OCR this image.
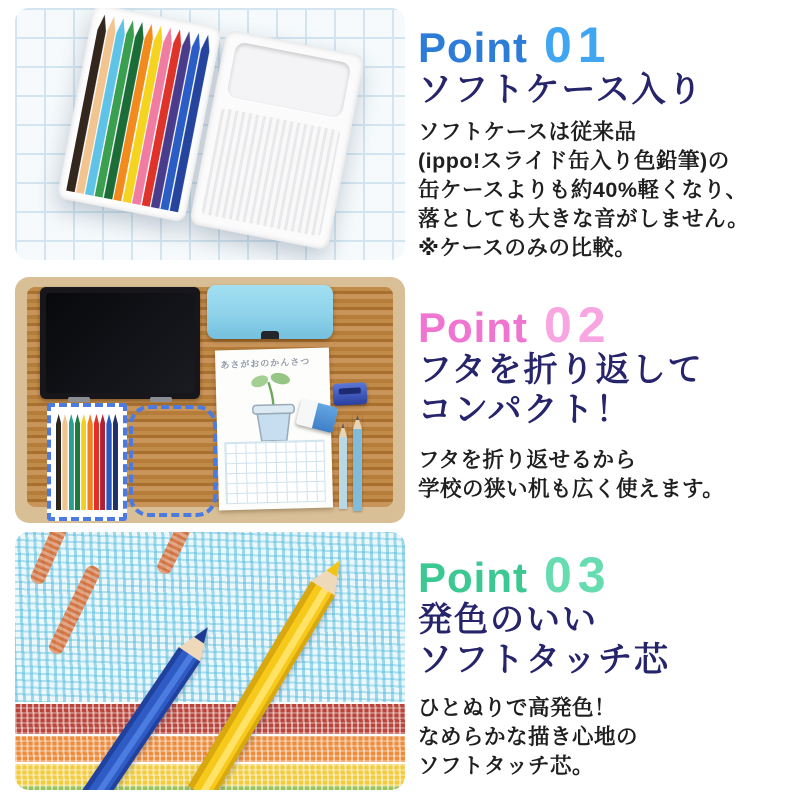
あさがおのかんさつ
Point 01
ソフトケース入り

ソフトケースは従来品
(ippo!スライド缶入り色鉛筆)の
缶ケースよりも約40%軽くなり、
落としても大きな音がしません。
※ケースのみの比較。

Point 02
フタを折り返して
コンパクト！

フタを折り返せるから
学校の狭い机も広く使えます。

Point 03
発色のいい
ソフトタッチ芯

ひとぬりで高発色！
なめらかな描き心地の
ソフトタッチ芯。
